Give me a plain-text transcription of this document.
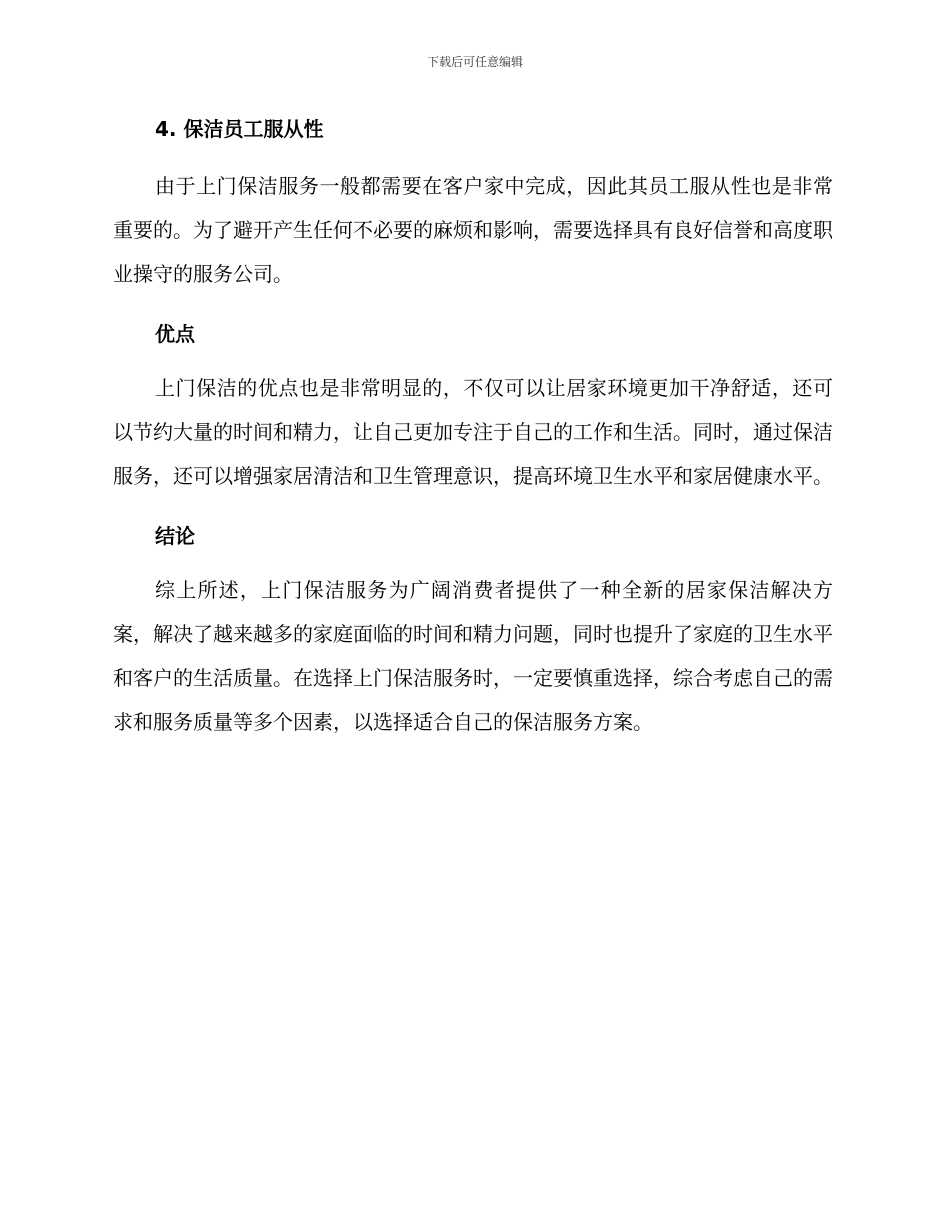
下载后可任意编辑
4. 保洁员工服从性

由于上门保洁服务一般都需要在客户家中完成，因此其员工服从性也是非常重要的。为了避开产生任何不必要的麻烦和影响，需要选择具有良好信誉和高度职业操守的服务公司。

优点

上门保洁的优点也是非常明显的，不仅可以让居家环境更加干净舒适，还可以节约大量的时间和精力，让自己更加专注于自己的工作和生活。同时，通过保洁服务，还可以增强家居清洁和卫生管理意识，提高环境卫生水平和家居健康水平。

结论

综上所述，上门保洁服务为广阔消费者提供了一种全新的居家保洁解决方案，解决了越来越多的家庭面临的时间和精力问题，同时也提升了家庭的卫生水平和客户的生活质量。在选择上门保洁服务时，一定要慎重选择，综合考虑自己的需求和服务质量等多个因素，以选择适合自己的保洁服务方案。
